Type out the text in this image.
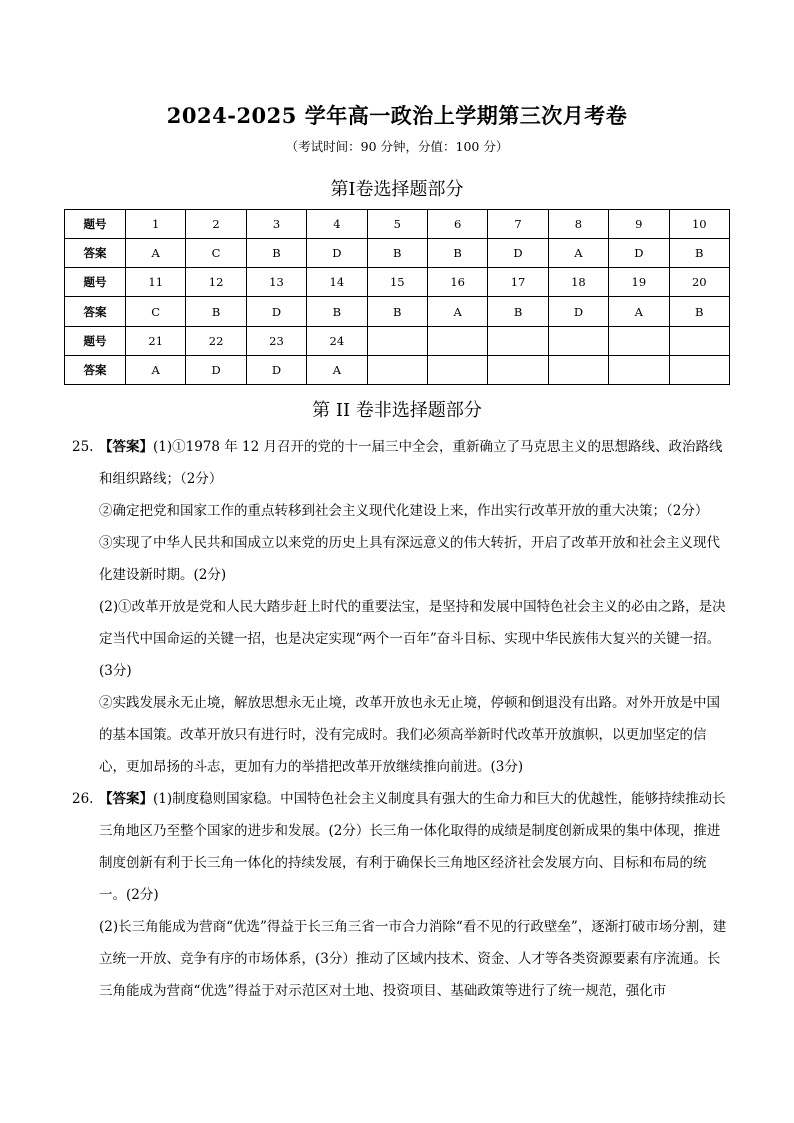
2024-2025 学年高一政治上学期第三次月考卷
（考试时间：90 分钟，分值：100 分）
第Ⅰ卷选择题部分
题号	1	2	3	4	5	6	7	8	9	10
答案	A	C	B	D	B	B	D	A	D	B
题号	11	12	13	14	15	16	17	18	19	20
答案	C	B	D	B	B	A	B	D	A	B
题号	21	22	23	24						
答案	A	D	D	A						
第 II 卷非选择题部分
25. 【答案】(1)①1978 年 12 月召开的党的十一届三中全会，重新确立了马克思主义的思想路线、政治路线和组织路线；（2分）
②确定把党和国家工作的重点转移到社会主义现代化建设上来，作出实行改革开放的重大决策；（2分）
③实现了中华人民共和国成立以来党的历史上具有深远意义的伟大转折，开启了改革开放和社会主义现代化建设新时期。(2分)
(2)①改革开放是党和人民大踏步赶上时代的重要法宝，是坚持和发展中国特色社会主义的必由之路，是决定当代中国命运的关键一招，也是决定实现“两个一百年”奋斗目标、实现中华民族伟大复兴的关键一招。(3分)
②实践发展永无止境，解放思想永无止境，改革开放也永无止境，停顿和倒退没有出路。对外开放是中国的基本国策。改革开放只有进行时，没有完成时。我们必须高举新时代改革开放旗帜，以更加坚定的信心，更加昂扬的斗志，更加有力的举措把改革开放继续推向前进。(3分)
26. 【答案】(1)制度稳则国家稳。中国特色社会主义制度具有强大的生命力和巨大的优越性，能够持续推动长三角地区乃至整个国家的进步和发展。(2分）长三角一体化取得的成绩是制度创新成果的集中体现，推进制度创新有利于长三角一体化的持续发展，有利于确保长三角地区经济社会发展方向、目标和布局的统一。(2分)
(2)长三角能成为营商“优选”得益于长三角三省一市合力消除“看不见的行政壁垒”，逐渐打破市场分割，建立统一开放、竞争有序的市场体系，(3分）推动了区域内技术、资金、人才等各类资源要素有序流通。长三角能成为营商“优选”得益于对示范区对土地、投资项目、基础政策等进行了统一规范，强化市
